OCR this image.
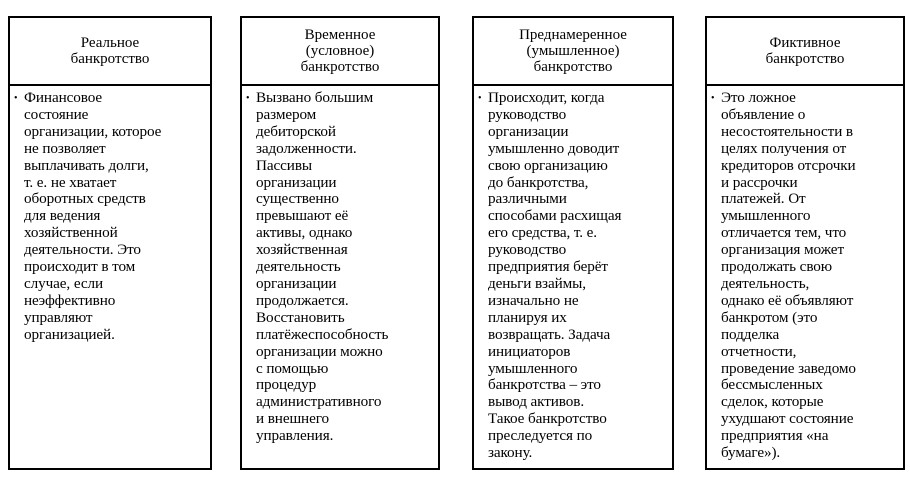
Реальное
банкротство
• Финансовое
состояние
организации, которое
не позволяет
выплачивать долги,
т. е. не хватает
оборотных средств
для ведения
хозяйственной
деятельности. Это
происходит в том
случае, если
неэффективно
управляют
организацией.
Временное
(условное)
банкротство
• Вызвано большим
размером
дебиторской
задолженности.
Пассивы
организации
существенно
превышают её
активы, однако
хозяйственная
деятельность
организации
продолжается.
Восстановить
платёжеспособность
организации можно
с помощью
процедур
административного
и внешнего
управления.
Преднамеренное
(умышленное)
банкротство
• Происходит, когда
руководство
организации
умышленно доводит
свою организацию
до банкротства,
различными
способами расхищая
его средства, т. е.
руководство
предприятия берёт
деньги взаймы,
изначально не
планируя их
возвращать. Задача
инициаторов
умышленного
банкротства – это
вывод активов.
Такое банкротство
преследуется по
закону.
Фиктивное
банкротство
• Это ложное
объявление о
несостоятельности в
целях получения от
кредиторов отсрочки
и рассрочки
платежей. От
умышленного
отличается тем, что
организация может
продолжать свою
деятельность,
однако её объявляют
банкротом (это
подделка
отчетности,
проведение заведомо
бессмысленных
сделок, которые
ухудшают состояние
предприятия «на
бумаге»).
